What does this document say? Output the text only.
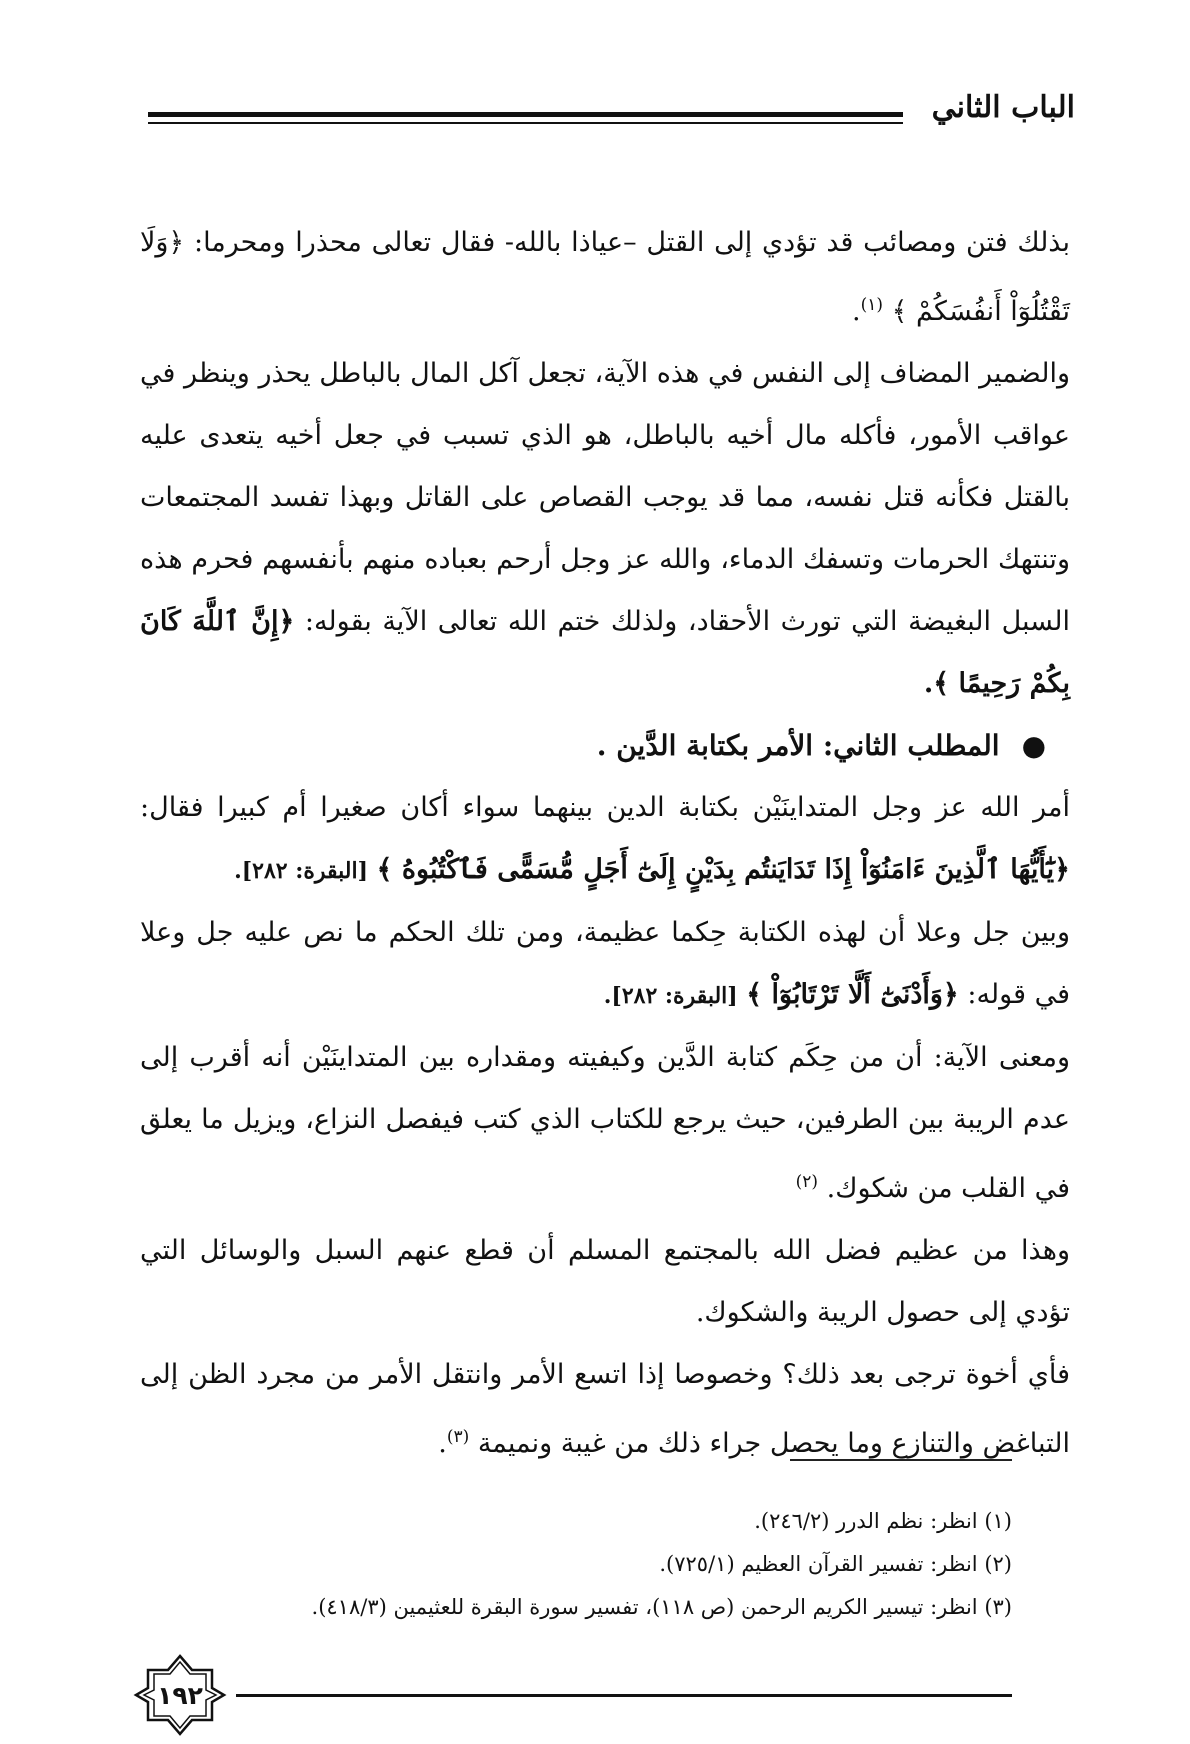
الباب الثاني

بذلك فتن ومصائب قد تؤدي إلى القتل –عياذا بالله- فقال تعالى محذرا ومحرما: ﴿وَلَا تَقْتُلُوٓاْ أَنفُسَكُمْ ﴾ $^{(١)}$.

والضمير المضاف إلى النفس في هذه الآية، تجعل آكل المال بالباطل يحذر وينظر في عواقب الأمور، فأكله مال أخيه بالباطل، هو الذي تسبب في جعل أخيه يتعدى عليه بالقتل فكأنه قتل نفسه، مما قد يوجب القصاص على القاتل وبهذا تفسد المجتمعات وتنتهك الحرمات وتسفك الدماء، والله عز وجل أرحم بعباده منهم بأنفسهم فحرم هذه السبل البغيضة التي تورث الأحقاد، ولذلك ختم الله تعالى الآية بقوله: ﴿إِنَّ ٱللَّهَ كَانَ بِكُمْ رَحِيمًا ﴾.

●المطلب الثاني: الأمر بكتابة الدَّين .

أمر الله عز وجل المتداينَيْن بكتابة الدين بينهما سواء أكان صغيرا أم كبيرا فقال: ﴿يَٰٓأَيُّهَا ٱلَّذِينَ ءَامَنُوٓاْ إِذَا تَدَايَنتُم بِدَيْنٍ إِلَىٰٓ أَجَلٍ مُّسَمًّى فَٱكْتُبُوهُ ﴾ [البقرة: ٢٨٢].

وبين جل وعلا أن لهذه الكتابة حِكما عظيمة، ومن تلك الحكم ما نص عليه جل وعلا في قوله: ﴿وَأَدْنَىٰٓ أَلَّا تَرْتَابُوٓاْ ﴾ [البقرة: ٢٨٢].

ومعنى الآية: أن من حِكَم كتابة الدَّين وكيفيته ومقداره بين المتداينَيْن أنه أقرب إلى عدم الريبة بين الطرفين، حيث يرجع للكتاب الذي كتب فيفصل النزاع، ويزيل ما يعلق في القلب من شكوك. $^{(٢)}$

وهذا من عظيم فضل الله بالمجتمع المسلم أن قطع عنهم السبل والوسائل التي تؤدي إلى حصول الريبة والشكوك.

فأي أخوة ترجى بعد ذلك؟ وخصوصا إذا اتسع الأمر وانتقل الأمر من مجرد الظن إلى التباغض والتنازع وما يحصل جراء ذلك من غيبة ونميمة $^{(٣)}$.

(١) انظر: نظم الدرر (٢٤٦/٢).
(٢) انظر: تفسير القرآن العظيم (٧٢٥/١).
(٣) انظر: تيسير الكريم الرحمن (ص ١١٨)، تفسير سورة البقرة للعثيمين (٤١٨/٣).
١٩٢
